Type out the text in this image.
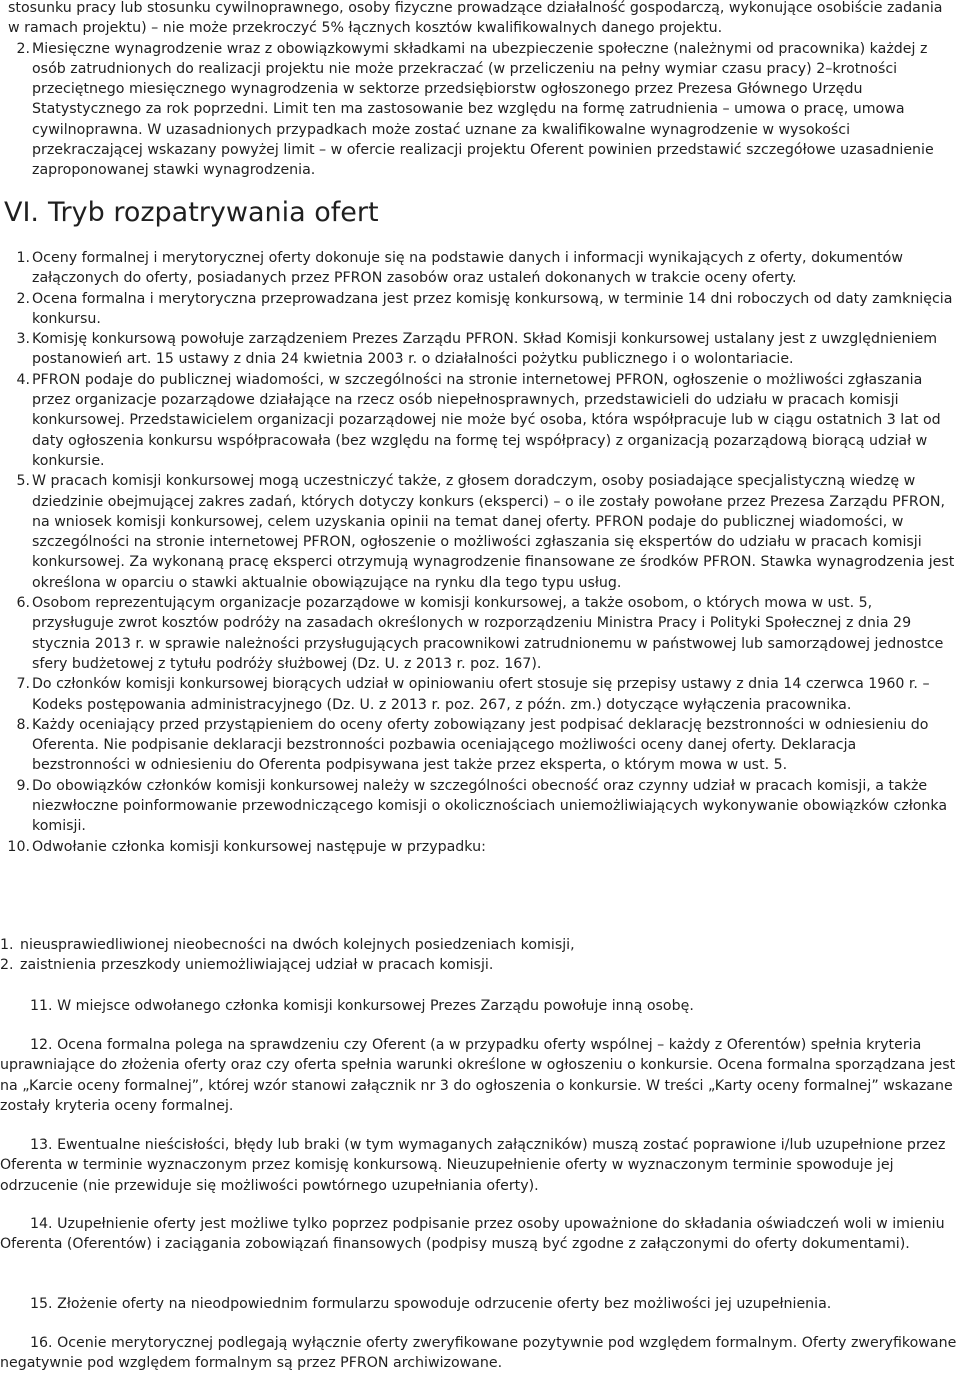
stosunku pracy lub stosunku cywilnoprawnego, osoby fizyczne prowadzące działalność gospodarczą, wykonujące osobiście zadania w ramach projektu) – nie może przekroczyć 5% łącznych kosztów kwalifikowalnych danego projektu.

2. Miesięczne wynagrodzenie wraz z obowiązkowymi składkami na ubezpieczenie społeczne (należnymi od pracownika) każdej z osób zatrudnionych do realizacji projektu nie może przekraczać (w przeliczeniu na pełny wymiar czasu pracy) 2–krotności przeciętnego miesięcznego wynagrodzenia w sektorze przedsiębiorstw ogłoszonego przez Prezesa Głównego Urzędu Statystycznego za rok poprzedni. Limit ten ma zastosowanie bez względu na formę zatrudnienia – umowa o pracę, umowa cywilnoprawna. W uzasadnionych przypadkach może zostać uznane za kwalifikowalne wynagrodzenie w wysokości przekraczającej wskazany powyżej limit – w ofercie realizacji projektu Oferent powinien przedstawić szczegółowe uzasadnienie zaproponowanej stawki wynagrodzenia.
VI. Tryb rozpatrywania ofert
1. Oceny formalnej i merytorycznej oferty dokonuje się na podstawie danych i informacji wynikających z oferty, dokumentów załączonych do oferty, posiadanych przez PFRON zasobów oraz ustaleń dokonanych w trakcie oceny oferty.
2. Ocena formalna i merytoryczna przeprowadzana jest przez komisję konkursową, w terminie 14 dni roboczych od daty zamknięcia konkursu.
3. Komisję konkursową powołuje zarządzeniem Prezes Zarządu PFRON. Skład Komisji konkursowej ustalany jest z uwzględnieniem postanowień art. 15 ustawy z dnia 24 kwietnia 2003 r. o działalności pożytku publicznego i o wolontariacie.
4. PFRON podaje do publicznej wiadomości, w szczególności na stronie internetowej PFRON, ogłoszenie o możliwości zgłaszania przez organizacje pozarządowe działające na rzecz osób niepełnosprawnych, przedstawicieli do udziału w pracach komisji konkursowej. Przedstawicielem organizacji pozarządowej nie może być osoba, która współpracuje lub w ciągu ostatnich 3 lat od daty ogłoszenia konkursu współpracowała (bez względu na formę tej współpracy) z organizacją pozarządową biorącą udział w konkursie.
5. W pracach komisji konkursowej mogą uczestniczyć także, z głosem doradczym, osoby posiadające specjalistyczną wiedzę w dziedzinie obejmującej zakres zadań, których dotyczy konkurs (eksperci) – o ile zostały powołane przez Prezesa Zarządu PFRON, na wniosek komisji konkursowej, celem uzyskania opinii na temat danej oferty. PFRON podaje do publicznej wiadomości, w szczególności na stronie internetowej PFRON, ogłoszenie o możliwości zgłaszania się ekspertów do udziału w pracach komisji konkursowej. Za wykonaną pracę eksperci otrzymują wynagrodzenie finansowane ze środków PFRON. Stawka wynagrodzenia jest określona w oparciu o stawki aktualnie obowiązujące na rynku dla tego typu usług.
6. Osobom reprezentującym organizacje pozarządowe w komisji konkursowej, a także osobom, o których mowa w ust. 5, przysługuje zwrot kosztów podróży na zasadach określonych w rozporządzeniu Ministra Pracy i Polityki Społecznej z dnia 29 stycznia 2013 r. w sprawie należności przysługujących pracownikowi zatrudnionemu w państwowej lub samorządowej jednostce sfery budżetowej z tytułu podróży służbowej (Dz. U. z 2013 r. poz. 167).
7. Do członków komisji konkursowej biorących udział w opiniowaniu ofert stosuje się przepisy ustawy z dnia 14 czerwca 1960 r. – Kodeks postępowania administracyjnego (Dz. U. z 2013 r. poz. 267, z późn. zm.) dotyczące wyłączenia pracownika.
8. Każdy oceniający przed przystąpieniem do oceny oferty zobowiązany jest podpisać deklarację bezstronności w odniesieniu do Oferenta. Nie podpisanie deklaracji bezstronności pozbawia oceniającego możliwości oceny danej oferty. Deklaracja bezstronności w odniesieniu do Oferenta podpisywana jest także przez eksperta, o którym mowa w ust. 5.
9. Do obowiązków członków komisji konkursowej należy w szczególności obecność oraz czynny udział w pracach komisji, a także niezwłoczne poinformowanie przewodniczącego komisji o okolicznościach uniemożliwiających wykonywanie obowiązków członka komisji.
10. Odwołanie członka komisji konkursowej następuje w przypadku:
1. nieusprawiedliwionej nieobecności na dwóch kolejnych posiedzeniach komisji,
2. zaistnienia przeszkody uniemożliwiającej udział w pracach komisji.

11. W miejsce odwołanego członka komisji konkursowej Prezes Zarządu powołuje inną osobę.

12. Ocena formalna polega na sprawdzeniu czy Oferent (a w przypadku oferty wspólnej – każdy z Oferentów) spełnia kryteria uprawniające do złożenia oferty oraz czy oferta spełnia warunki określone w ogłoszeniu o konkursie. Ocena formalna sporządzana jest na „Karcie oceny formalnej”, której wzór stanowi załącznik nr 3 do ogłoszenia o konkursie. W treści „Karty oceny formalnej” wskazane zostały kryteria oceny formalnej.

13. Ewentualne nieścisłości, błędy lub braki (w tym wymaganych załączników) muszą zostać poprawione i/lub uzupełnione przez Oferenta w terminie wyznaczonym przez komisję konkursową. Nieuzupełnienie oferty w wyznaczonym terminie spowoduje jej odrzucenie (nie przewiduje się możliwości powtórnego uzupełniania oferty).

14. Uzupełnienie oferty jest możliwe tylko poprzez podpisanie przez osoby upoważnione do składania oświadczeń woli w imieniu Oferenta (Oferentów) i zaciągania zobowiązań finansowych (podpisy muszą być zgodne z załączonymi do oferty dokumentami).

15. Złożenie oferty na nieodpowiednim formularzu spowoduje odrzucenie oferty bez możliwości jej uzupełnienia.

16. Ocenie merytorycznej podlegają wyłącznie oferty zweryfikowane pozytywnie pod względem formalnym. Oferty zweryfikowane negatywnie pod względem formalnym są przez PFRON archiwizowane.
